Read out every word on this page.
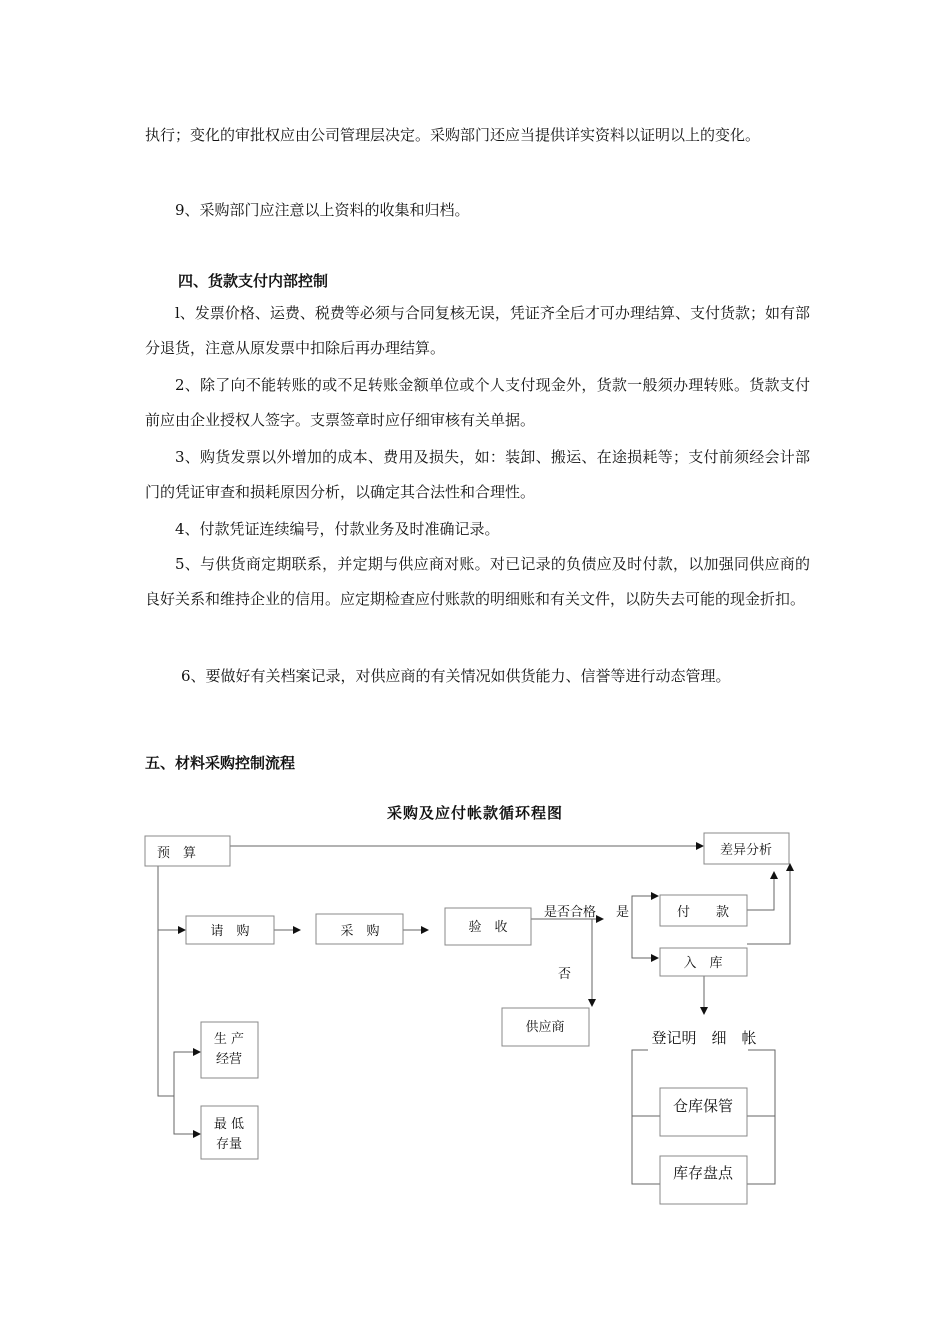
执行；变化的审批权应由公司管理层决定。采购部门还应当提供详实资料以证明以上的变化。

9、采购部门应注意以上资料的收集和归档。

四、货款支付内部控制

l、发票价格、运费、税费等必须与合同复核无误，凭证齐全后才可办理结算、支付货款；如有部分退货，注意从原发票中扣除后再办理结算。

2、除了向不能转账的或不足转账金额单位或个人支付现金外，货款一般须办理转账。货款支付前应由企业授权人签字。支票签章时应仔细审核有关单据。

3、购货发票以外增加的成本、费用及损失，如：装卸、搬运、在途损耗等；支付前须经会计部门的凭证审查和损耗原因分析，以确定其合法性和合理性。

4、付款凭证连续编号，付款业务及时准确记录。

5、与供货商定期联系，并定期与供应商对账。对已记录的负债应及时付款，以加强同供应商的良好关系和维持企业的信用。应定期检查应付账款的明细账和有关文件，以防失去可能的现金折扣。

6、要做好有关档案记录，对供应商的有关情况如供货能力、信誉等进行动态管理。

五、材料采购控制流程

采购及应付帐款循环程图
预　算	差异分析
请　购	采　购	验　收
付　　款
入　库
供应商
生 产
经营
最 低
存量
登记明　细　帐
仓库保管
库存盘点
是否合格 是
否
